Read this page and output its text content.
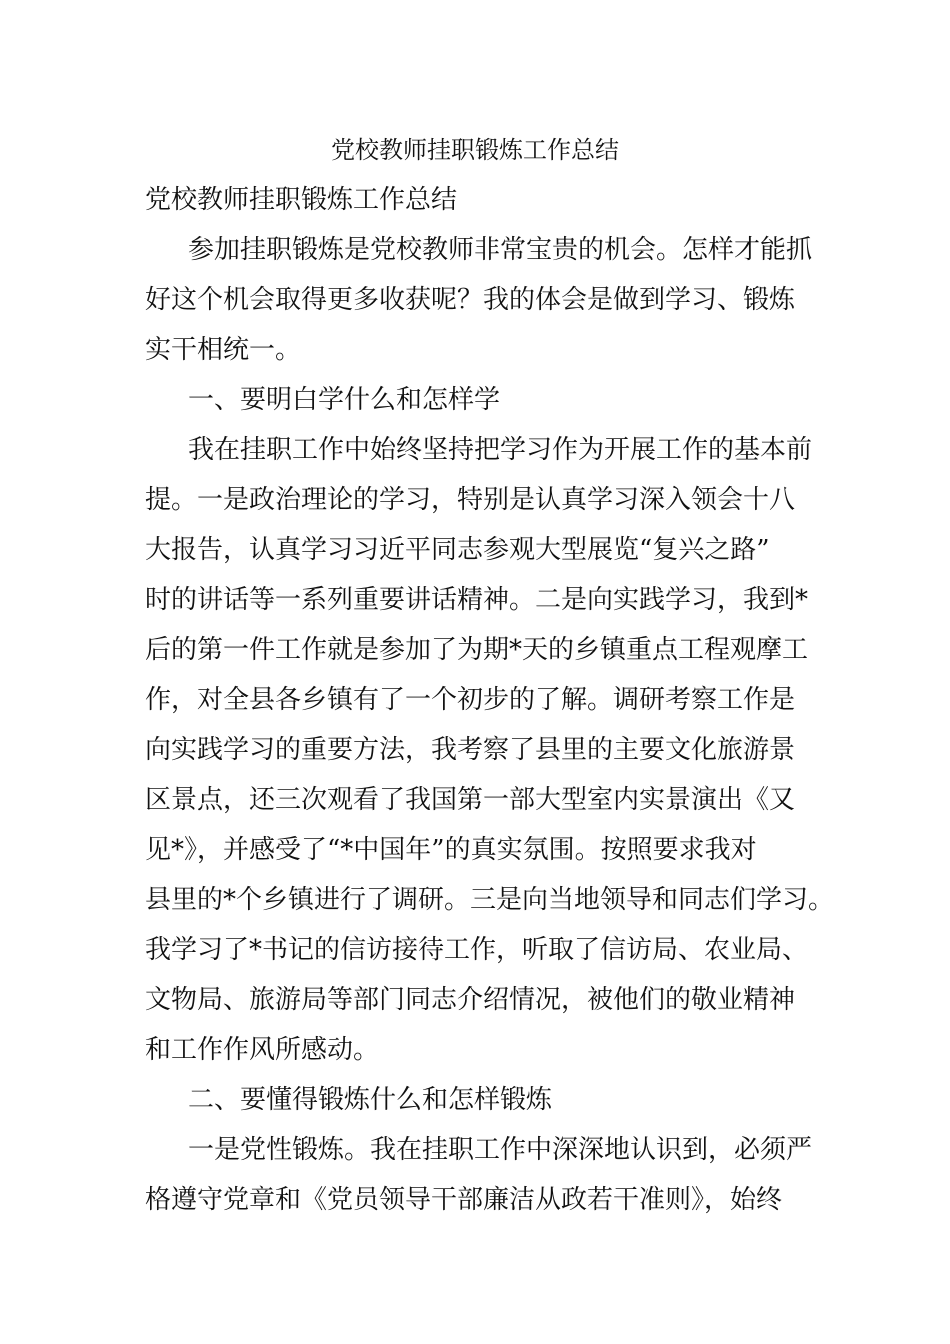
党校教师挂职锻炼工作总结
党校教师挂职锻炼工作总结
参加挂职锻炼是党校教师非常宝贵的机会。怎样才能抓
好这个机会取得更多收获呢？我的体会是做到学习、锻炼
实干相统一。
一、要明白学什么和怎样学
我在挂职工作中始终坚持把学习作为开展工作的基本前
提。一是政治理论的学习，特别是认真学习深入领会十八
大报告，认真学习习近平同志参观大型展览“复兴之路”
时的讲话等一系列重要讲话精神。二是向实践学习，我到*
后的第一件工作就是参加了为期*天的乡镇重点工程观摩工
作，对全县各乡镇有了一个初步的了解。调研考察工作是
向实践学习的重要方法，我考察了县里的主要文化旅游景
区景点，还三次观看了我国第一部大型室内实景演出《又
见*》，并感受了“*中国年”的真实氛围。按照要求我对
县里的*个乡镇进行了调研。三是向当地领导和同志们学习。
我学习了*书记的信访接待工作，听取了信访局、农业局、
文物局、旅游局等部门同志介绍情况，被他们的敬业精神
和工作作风所感动。
二、要懂得锻炼什么和怎样锻炼
一是党性锻炼。我在挂职工作中深深地认识到，必须严
格遵守党章和《党员领导干部廉洁从政若干准则》，始终
